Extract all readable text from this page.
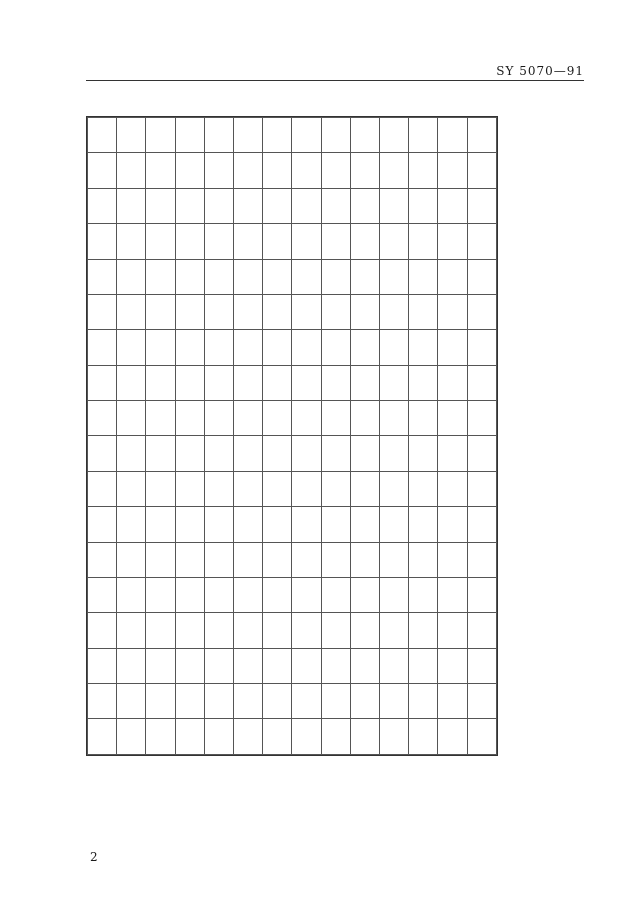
SY 5070—91

2
